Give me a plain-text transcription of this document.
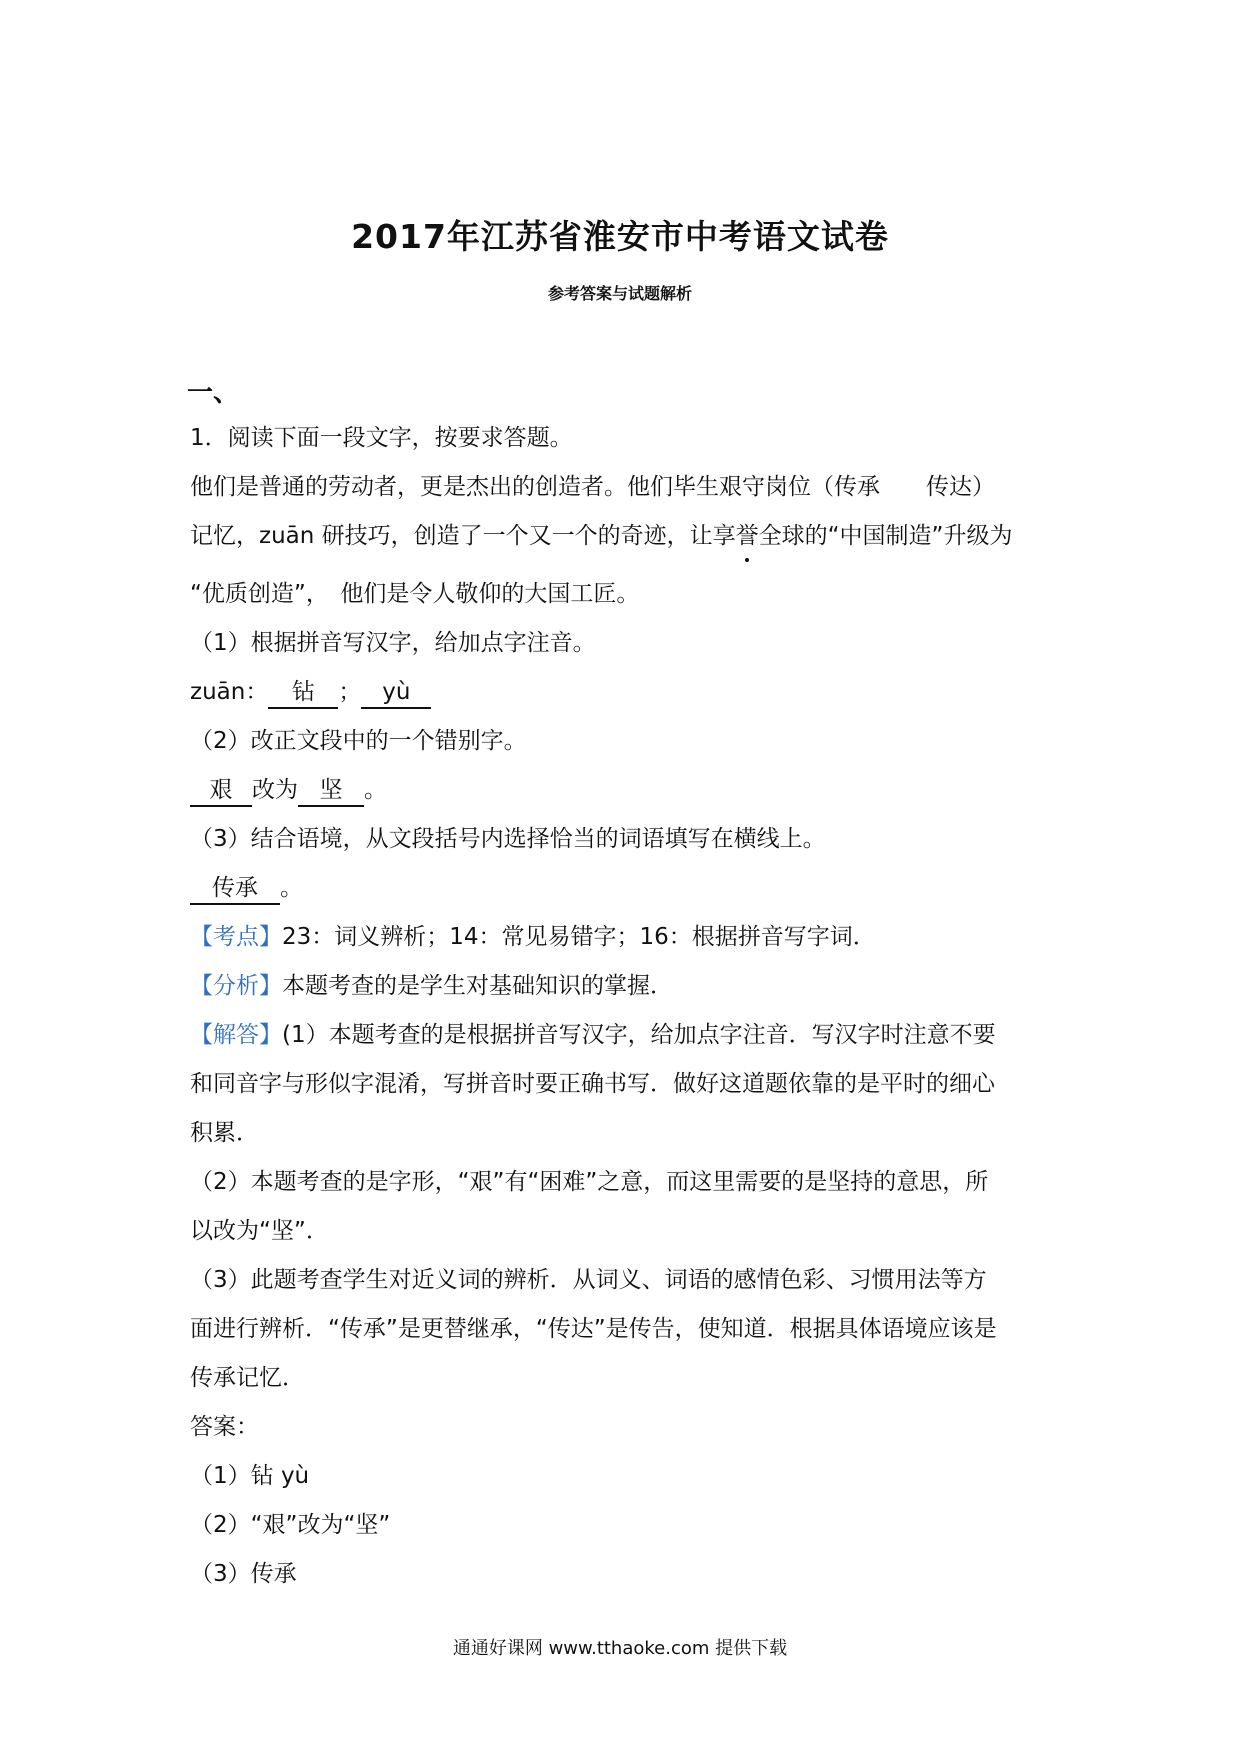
2017年江苏省淮安市中考语文试卷
参考答案与试题解析
一、
1．阅读下面一段文字，按要求答题。
他们是普通的劳动者，更是杰出的创造者。他们毕生艰守岗位（传承　　传达）
记忆，zuān 研技巧，创造了一个又一个的奇迹，让享誉全球的“中国制造”升级为
“优质创造”，　他们是令人敬仰的大国工匠。
（1）根据拼音写汉字，给加点字注音。
zuān： 钻 ； yù
（2）改正文段中的一个错别字。
艰 改为 坚 。
（3）结合语境，从文段括号内选择恰当的词语填写在横线上。
传承 。
【考点】23：词义辨析；14：常见易错字；16：根据拼音写字词．
【分析】本题考查的是学生对基础知识的掌握．
【解答】(1）本题考查的是根据拼音写汉字，给加点字注音．写汉字时注意不要
和同音字与形似字混淆，写拼音时要正确书写．做好这道题依靠的是平时的细心
积累．
（2）本题考查的是字形，“艰”有“困难”之意，而这里需要的是坚持的意思，所
以改为“坚”．
（3）此题考查学生对近义词的辨析．从词义、词语的感情色彩、习惯用法等方
面进行辨析．“传承”是更替继承，“传达”是传告，使知道．根据具体语境应该是
传承记忆．
答案：
（1）钻 yù
（2）“艰”改为“坚”
（3）传承
通通好课网 www.tthaoke.com 提供下载
